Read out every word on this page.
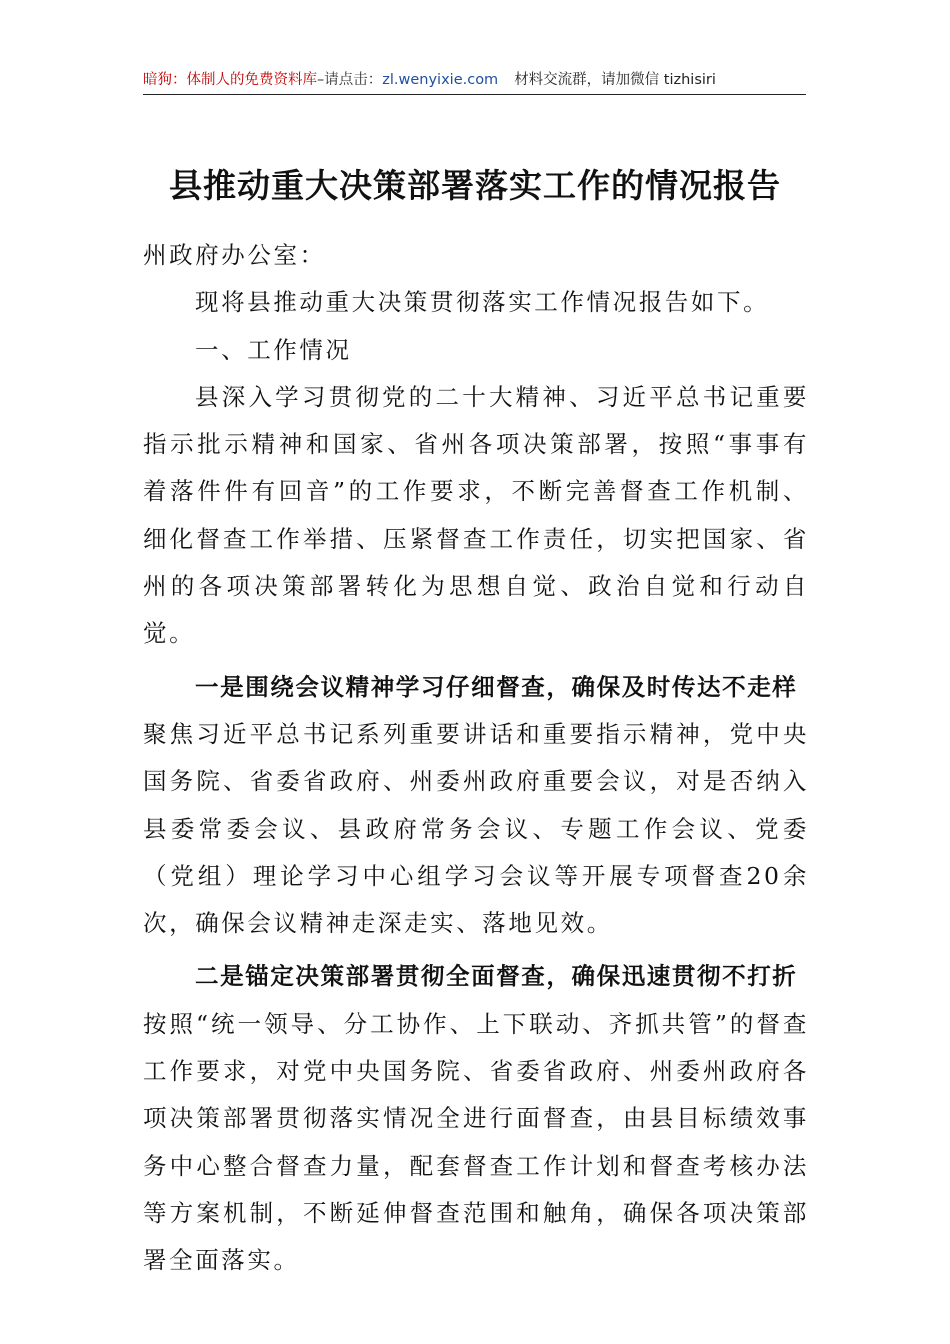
暗狗：体制人的免费资料库–请点击：zl.wenyixie.com 材料交流群，请加微信 tizhisiri
县推动重大决策部署落实工作的情况报告

州政府办公室：

现将县推动重大决策贯彻落实工作情况报告如下。

一、工作情况

县深入学习贯彻党的二十大精神、习近平总书记重要指示批示精神和国家、省州各项决策部署，按照“事事有着落件件有回音”的工作要求，不断完善督查工作机制、细化督查工作举措、压紧督查工作责任，切实把国家、省州的各项决策部署转化为思想自觉、政治自觉和行动自觉。

一是围绕会议精神学习仔细督查，确保及时传达不走样

聚焦习近平总书记系列重要讲话和重要指示精神，党中央国务院、省委省政府、州委州政府重要会议，对是否纳入县委常委会议、县政府常务会议、专题工作会议、党委（党组）理论学习中心组学习会议等开展专项督查20余次，确保会议精神走深走实、落地见效。

二是锚定决策部署贯彻全面督查，确保迅速贯彻不打折

按照“统一领导、分工协作、上下联动、齐抓共管”的督查工作要求，对党中央国务院、省委省政府、州委州政府各项决策部署贯彻落实情况全进行面督查，由县目标绩效事务中心整合督查力量，配套督查工作计划和督查考核办法等方案机制，不断延伸督查范围和触角，确保各项决策部署全面落实。
